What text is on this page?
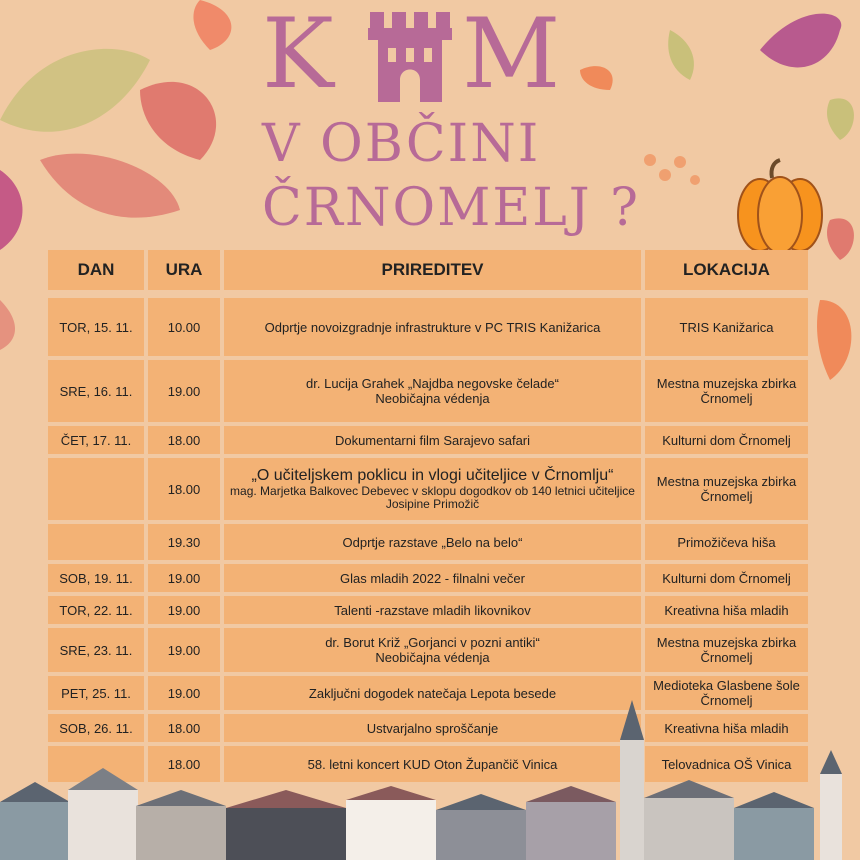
K M
V OBČINI
ČRNOMELJ ?
DAN	URA	PRIREDITEV	LOKACIJA

TOR, 15. 11.	10.00	Odprtje novoizgradnje infrastrukture v PC TRIS Kanižarica	TRIS Kanižarica
SRE, 16. 11.	19.00	dr. Lucija Grahek „Najdba negovske čelade“
Neobičajna védenja	Mestna muzejska zbirka Črnomelj
ČET, 17. 11.	18.00	Dokumentarni film Sarajevo safari	Kulturni dom Črnomelj
	18.00	„O učiteljskem poklicu in vlogi učiteljice v Črnomlju“
mag. Marjetka Balkovec Debevec v sklopu dogodkov ob 140 letnici učiteljice Josipine Primožič	Mestna muzejska zbirka Črnomelj
	19.30	Odprtje razstave „Belo na belo“	Primožičeva hiša
SOB, 19. 11.	19.00	Glas mladih 2022 - filnalni večer	Kulturni dom Črnomelj
TOR, 22. 11.	19.00	Talenti -razstave mladih likovnikov	Kreativna hiša mladih
SRE, 23. 11.	19.00	dr. Borut Križ „Gorjanci v pozni antiki“
Neobičajna védenja	Mestna muzejska zbirka Črnomelj
PET, 25. 11.	19.00	Zaključni dogodek natečaja Lepota besede	Medioteka Glasbene šole Črnomelj
SOB, 26. 11.	18.00	Ustvarjalno sproščanje	Kreativna hiša mladih
	18.00	58. letni koncert KUD Oton Župančič Vinica	Telovadnica OŠ Vinica
